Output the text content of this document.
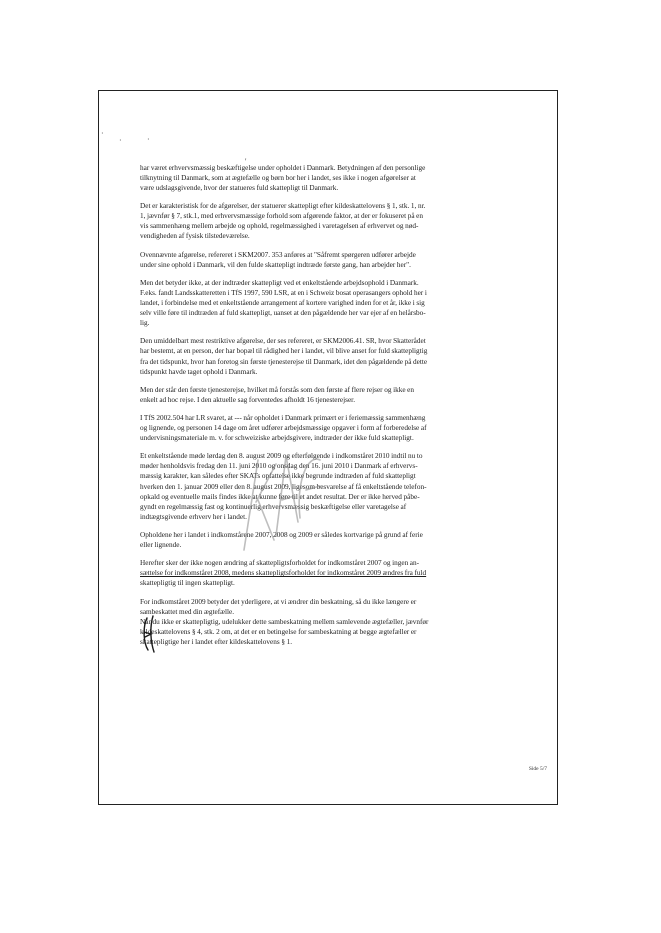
·
·	·
'

har været erhvervsmæssig beskæftigelse under opholdet i Danmark. Betydningen af den personlige
tilknytning til Danmark, som at ægtefælle og børn bor her i landet, ses ikke i nogen afgørelser at
være udslagsgivende, hvor der statueres fuld skattepligt til Danmark.

Det er karakteristisk for de afgørelser, der statuerer skattepligt efter kildeskattelovens § 1, stk. 1, nr.
1, jævnfør § 7, stk.1, med erhvervsmæssige forhold som afgørende faktor, at der er fokuseret på en
vis sammenhæng mellem arbejde og ophold, regelmæssighed i varetagelsen af erhvervet og nød-
vendigheden af fysisk tilstedeværelse.

Ovennævnte afgørelse, refereret i SKM2007. 353 anføres at "Såfremt spørgeren udfører arbejde
under sine ophold i Danmark, vil den fulde skattepligt indtræde første gang, han arbejder her".

Men det betyder ikke, at der indtræder skattepligt ved et enkeltstående arbejdsophold i Danmark.
F.eks. fandt Landsskatteretten i TfS 1997, 590 LSR, at en i Schweiz bosat operasangers ophold her i
landet, i forbindelse med et enkeltstående arrangement af kortere varighed inden for et år, ikke i sig
selv ville føre til indtræden af fuld skattepligt, uanset at den pågældende her var ejer af en helårsbo-
lig.

Den umiddelbart mest restriktive afgørelse, der ses refereret, er SKM2006.41. SR, hvor Skatterådet
har bestemt, at en person, der har bopæl til rådighed her i landet, vil blive anset for fuld skattepligtig
fra det tidspunkt, hvor han foretog sin første tjenesterejse til Danmark, idet den pågældende på dette
tidspunkt havde taget ophold i Danmark.

Men der står den første tjenesterejse, hvilket må forstås som den første af flere rejser og ikke en
enkelt ad hoc rejse. I den aktuelle sag forventedes afholdt 16 tjenesterejser.

I TfS 2002.504 har LR svaret, at --- når opholdet i Danmark primært er i feriemæssig sammenhæng
og lignende, og personen 14 dage om året udfører arbejdsmæssige opgaver i form af forberedelse af
undervisningsmateriale m. v. for schweiziske arbejdsgivere, indtræder der ikke fuld skattepligt.

Et enkeltstående møde lørdag den 8. august 2009 og efterfølgende i indkomståret 2010 indtil nu to
møder henholdsvis fredag den 11. juni 2010 og onsdag den 16. juni 2010 i Danmark af erhvervs-
mæssig karakter, kan således efter SKATs opfattelse ikke begrunde indtræden af fuld skattepligt
hverken den 1. januar 2009 eller den 8. august 2009, ligesom besvarelse af få enkeltstående telefon-
opkald og eventuelle mails findes ikke at kunne føre til et andet resultat. Der er ikke herved påbe-
gyndt en regelmæssig fast og kontinuerlig erhvervsmæssig beskæftigelse eller varetagelse af
indtægtsgivende erhverv her i landet.

Opholdene her i landet i indkomstårene 2007, 2008 og 2009 er således kortvarige på grund af ferie
eller lignende.

Herefter sker der ikke nogen ændring af skattepligtsforholdet for indkomståret 2007 og ingen an-
sættelse for indkomståret 2008, medens skattepligtsforholdet for indkomståret 2009 ændres fra fuld
skattepligtig til ingen skattepligt.

For indkomståret 2009 betyder det yderligere, at vi ændrer din beskatning, så du ikke længere er
sambeskattet med din ægtefælle.

Når du ikke er skattepligtig, udelukker dette sambeskatning mellem samlevende ægtefæller, jævnfør
kildeskattelovens § 4, stk. 2 om, at det er en betingelse for sambeskatning at begge ægtefæller er
skattepligtige her i landet efter kildeskattelovens § 1.

Side 5/7
